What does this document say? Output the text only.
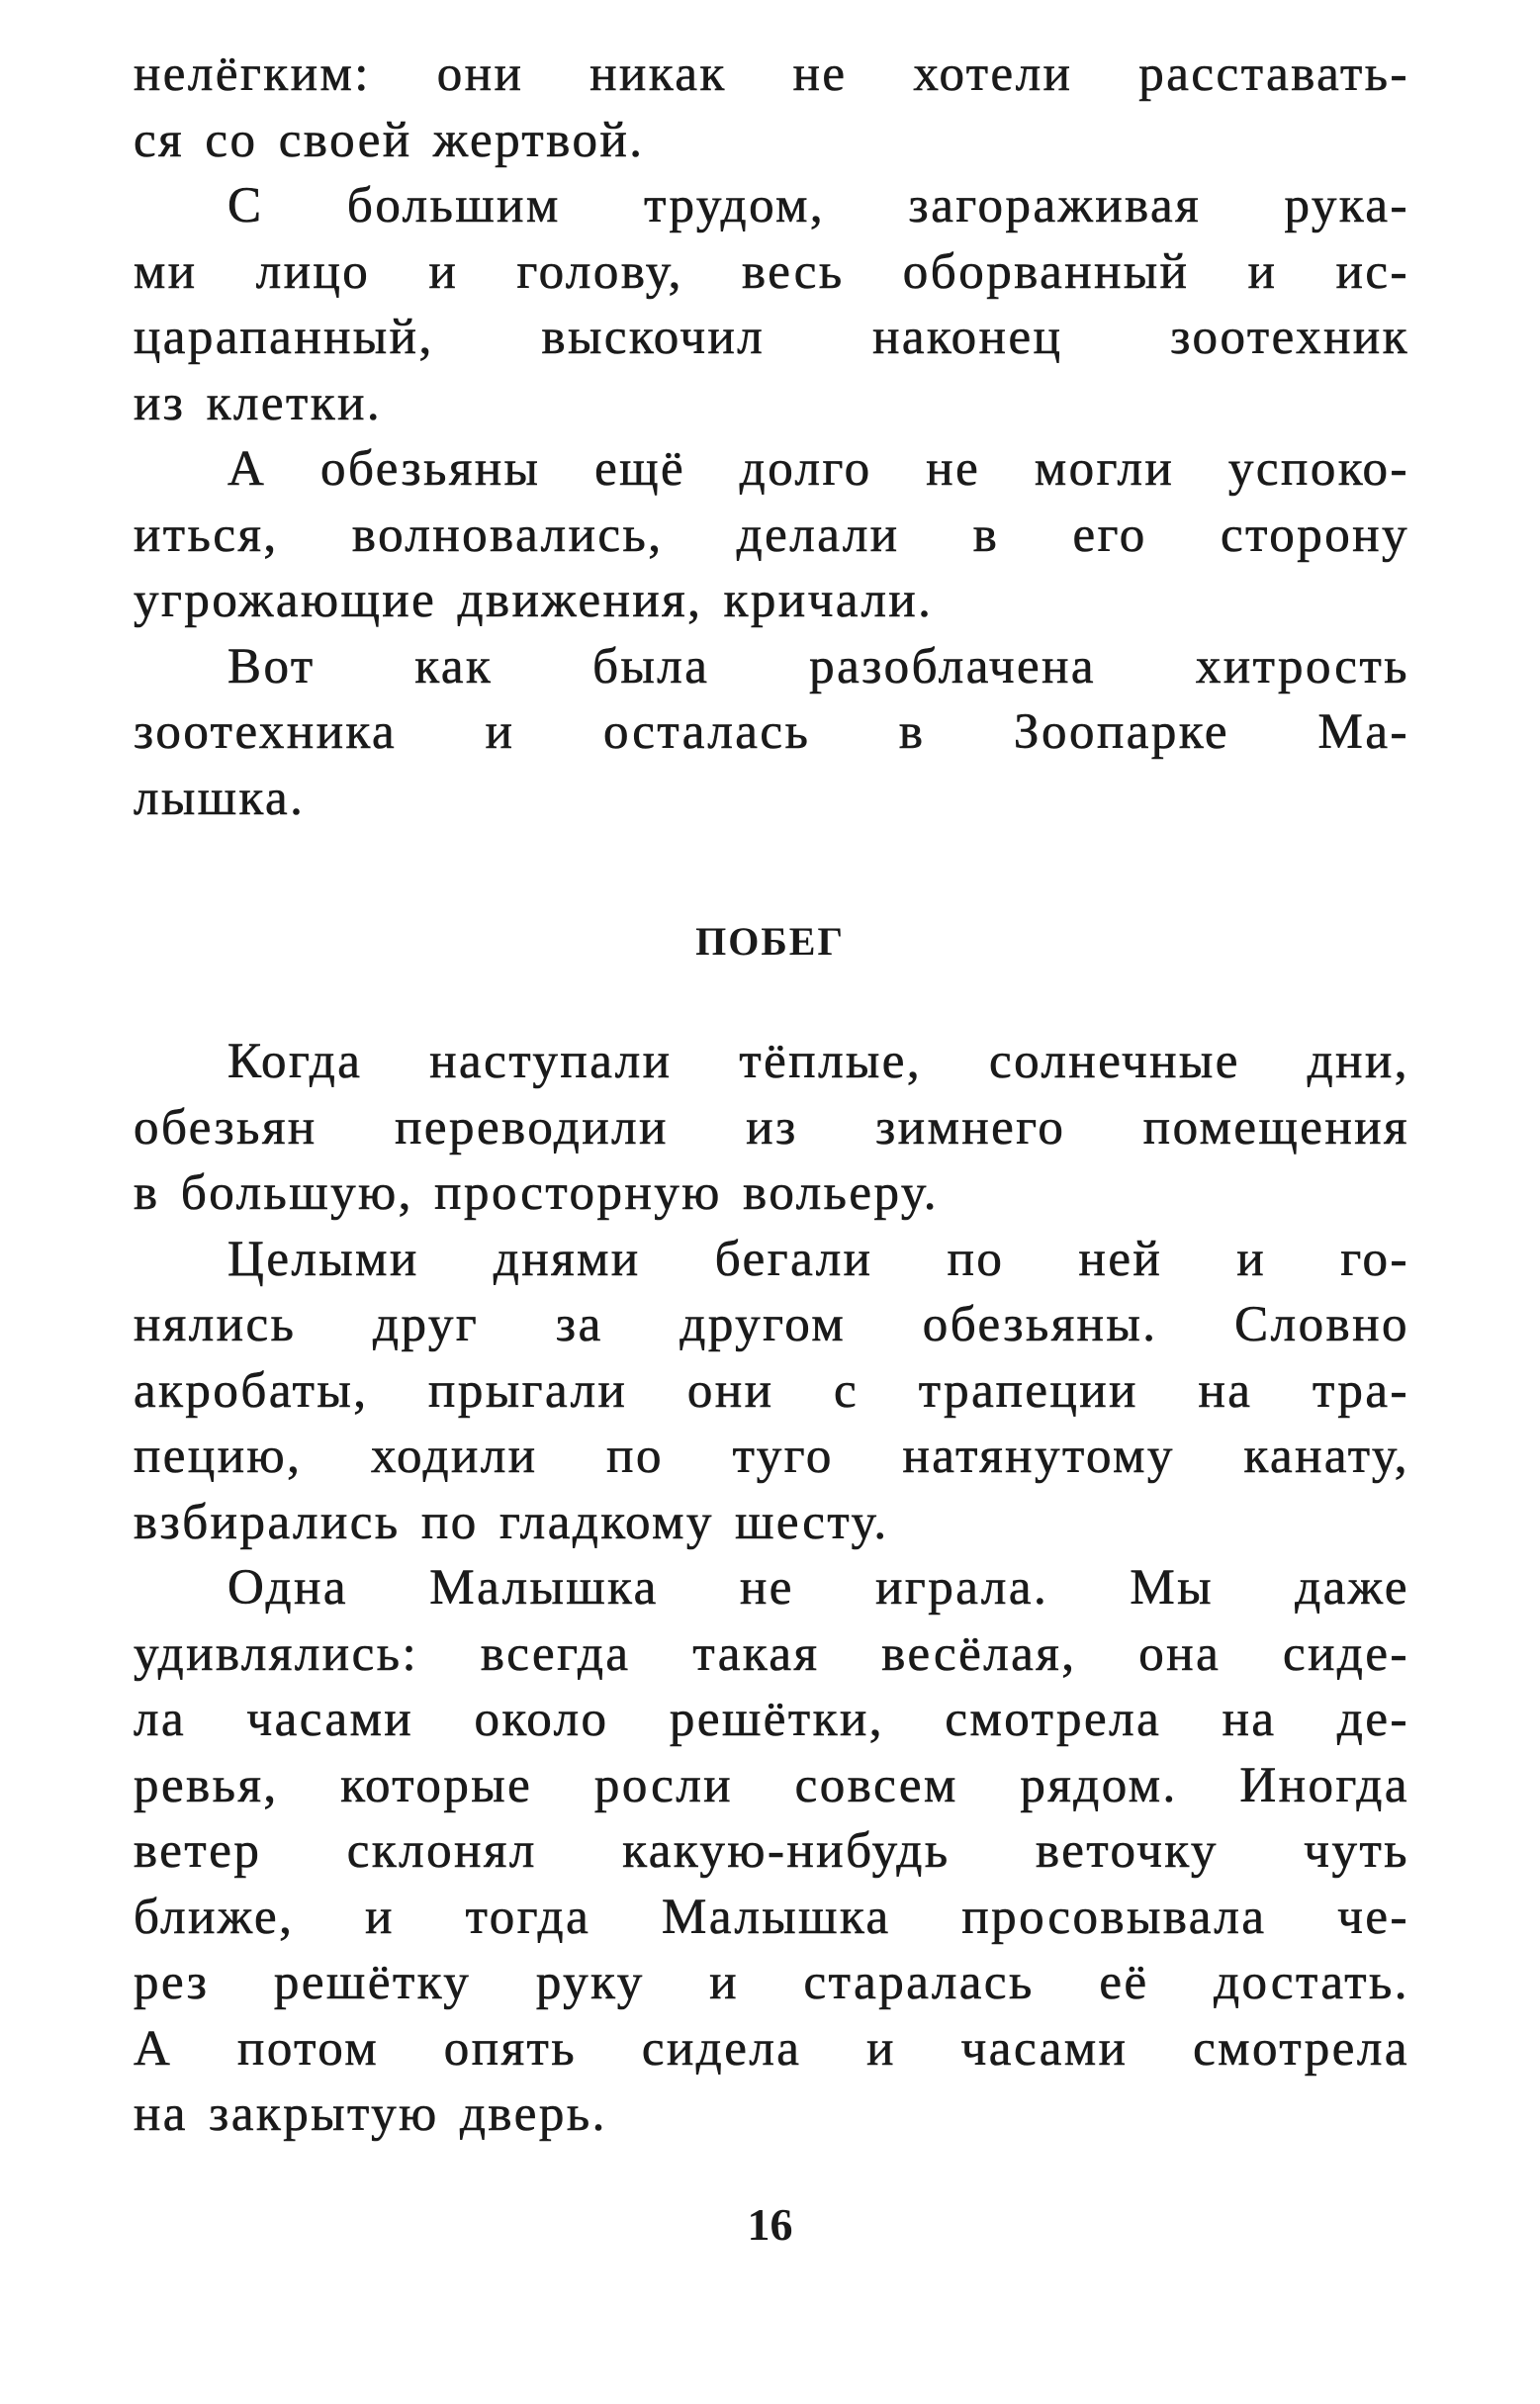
нелёгким: они никак не хотели расставать-
ся со своей жертвой.

С большим трудом, загораживая рука-
ми лицо и голову, весь оборванный и ис-
царапанный, выскочил наконец зоотехник
из клетки.

А обезьяны ещё долго не могли успоко-
иться, волновались, делали в его сторону
угрожающие движения, кричали.

Вот как была разоблачена хитрость
зоотехника и осталась в Зоопарке Ма-
лышка.

ПОБЕГ

Когда наступали тёплые, солнечные дни,
обезьян переводили из зимнего помещения
в большую, просторную вольеру.

Целыми днями бегали по ней и го-
нялись друг за другом обезьяны. Словно
акробаты, прыгали они с трапеции на тра-
пецию, ходили по туго натянутому канату,
взбирались по гладкому шесту.

Одна Малышка не играла. Мы даже
удивлялись: всегда такая весёлая, она сиде-
ла часами около решётки, смотрела на де-
ревья, которые росли совсем рядом. Иногда
ветер склонял какую-нибудь веточку чуть
ближе, и тогда Малышка просовывала че-
рез решётку руку и старалась её достать.
А потом опять сидела и часами смотрела
на закрытую дверь.

16
